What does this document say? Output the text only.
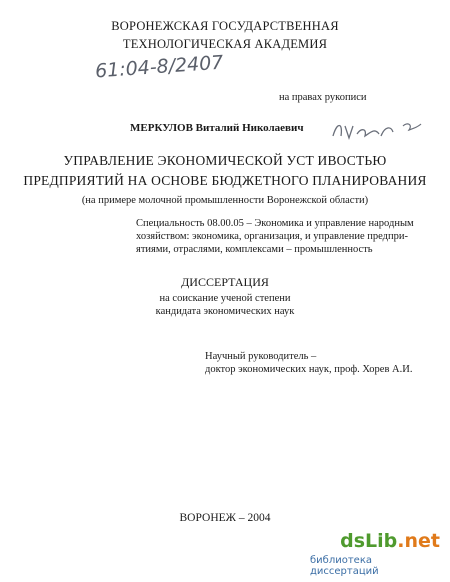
ВОРОНЕЖСКАЯ ГОСУДАРСТВЕННАЯ
ТЕХНОЛОГИЧЕСКАЯ АКАДЕМИЯ
61:04-8/2407
на правах рукописи
МЕРКУЛОВ Виталий Николаевич
УПРАВЛЕНИЕ ЭКОНОМИЧЕСКОЙ УСТ ИВОСТЬЮ
ПРЕДПРИЯТИЙ НА ОСНОВЕ БЮДЖЕТНОГО ПЛАНИРОВАНИЯ
(на примере молочной промышленности Воронежской области)
Специальность 08.00.05 – Экономика и управление народным
хозяйством: экономика, организация, и управление предпри-
ятиями, отраслями, комплексами – промышленность
ДИССЕРТАЦИЯ
на соискание ученой степени
кандидата экономических наук
Научный руководитель –
доктор экономических наук, проф. Хорев А.И.
ВОРОНЕЖ – 2004
dsLib.net
библиотека диссертаций
